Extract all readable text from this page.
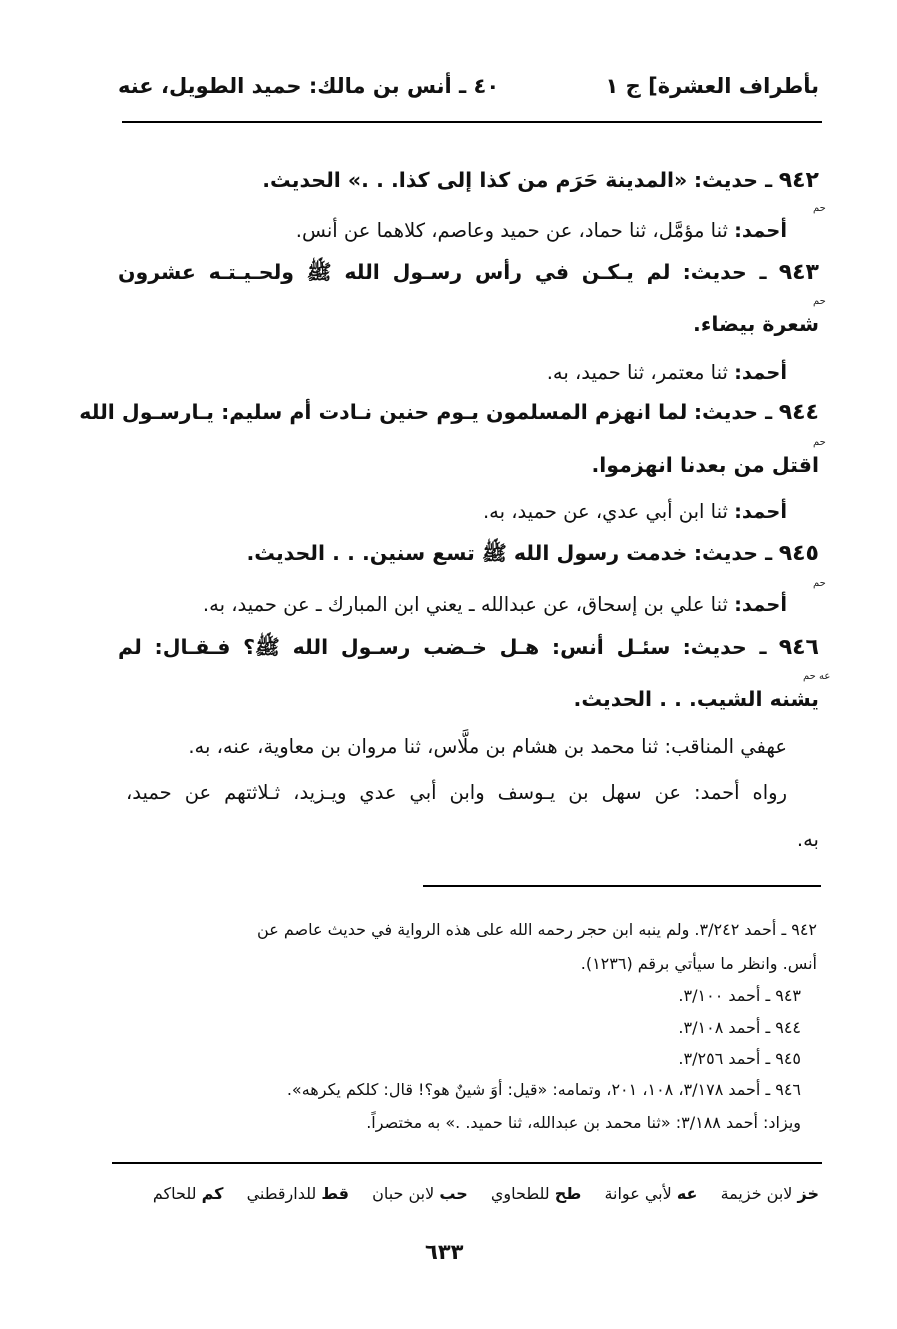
بأطراف العشرة] ج ١
٤٠ ـ أنس بن مالك: حميد الطويل، عنه
٩٤٢ ـ حديث: «المدينة حَرَم من كذا إلى كذا. . .» الحديث.
حم
أحمد: ثنا مؤمَّل، ثنا حماد، عن حميد وعاصم، كلاهما عن أنس.
٩٤٣ ـ حديث: لم يـكـن في رأس رسـول الله ﷺ ولحـيـتـه عشرون
حم
شعرة بيضاء.
أحمد: ثنا معتمر، ثنا حميد، به.
٩٤٤ ـ حديث: لما انهزم المسلمون يـوم حنين نـادت أم سليم: يـارسـول الله
حم
اقتل من بعدنا انهزموا.
أحمد: ثنا ابن أبي عدي، عن حميد، به.
٩٤٥ ـ حديث: خدمت رسول الله ﷺ تسع سنين. . . الحديث.
حم
أحمد: ثنا علي بن إسحاق، عن عبدالله ـ يعني ابن المبارك ـ عن حميد، به.
٩٤٦ ـ حديث: سئـل أنس: هـل خـضب رسـول الله ﷺ؟ فـقـال: لم
عه حم
يشنه الشيب. . . الحديث.
عهفي المناقب: ثنا محمد بن هشام بن ملَّاس، ثنا مروان بن معاوية، عنه، به.
رواه أحمد: عن سهل بن يـوسف وابن أبي عدي ويـزيد، ثـلاثتهم عن حميد،
به.
٩٤٢ ـ أحمد ٣/٢٤٢. ولم ينبه ابن حجر رحمه الله على هذه الرواية في حديث عاصم عن
أنس. وانظر ما سيأتي برقم (١٢٣٦).
٩٤٣ ـ أحمد ٣/١٠٠.
٩٤٤ ـ أحمد ٣/١٠٨.
٩٤٥ ـ أحمد ٣/٢٥٦.
٩٤٦ ـ أحمد ٣/١٧٨، ١٠٨، ٢٠١، وتمامه: «قيل: أوَ شينٌ هو؟! قال: كلكم يكرهه».
ويزاد: أحمد ٣/١٨٨: «ثنا محمد بن عبدالله، ثنا حميد. .» به مختصراً.
خز لابن خزيمة عه لأبي عوانة طح للطحاوي حب لابن حبان قط للدارقطني كم للحاكم
٦٣٣
